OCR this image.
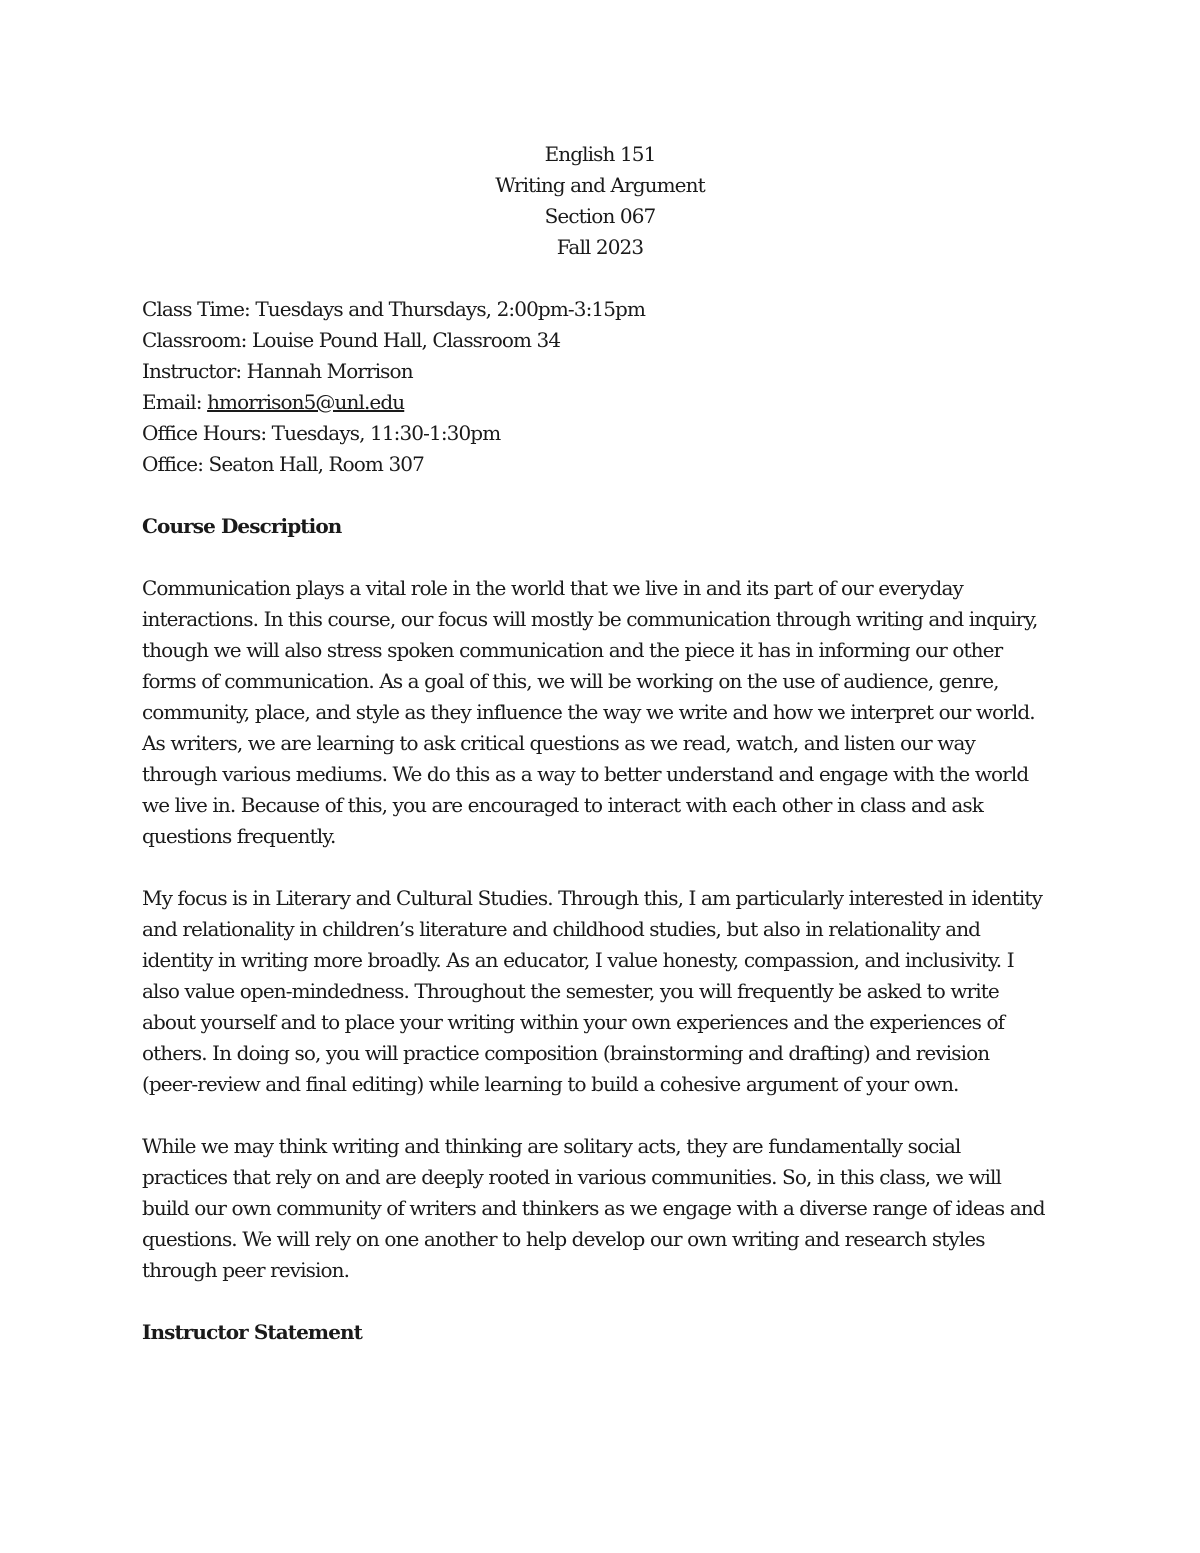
English 151
Writing and Argument
Section 067
Fall 2023
Class Time: Tuesdays and Thursdays, 2:00pm-3:15pm
Classroom: Louise Pound Hall, Classroom 34
Instructor: Hannah Morrison
Email: hmorrison5@unl.edu
Office Hours: Tuesdays, 11:30-1:30pm
Office: Seaton Hall, Room 307
Course Description
Communication plays a vital role in the world that we live in and its part of our everyday
interactions. In this course, our focus will mostly be communication through writing and inquiry,
though we will also stress spoken communication and the piece it has in informing our other
forms of communication. As a goal of this, we will be working on the use of audience, genre,
community, place, and style as they influence the way we write and how we interpret our world.
As writers, we are learning to ask critical questions as we read, watch, and listen our way
through various mediums. We do this as a way to better understand and engage with the world
we live in. Because of this, you are encouraged to interact with each other in class and ask
questions frequently.
My focus is in Literary and Cultural Studies. Through this, I am particularly interested in identity
and relationality in children’s literature and childhood studies, but also in relationality and
identity in writing more broadly. As an educator, I value honesty, compassion, and inclusivity. I
also value open-mindedness. Throughout the semester, you will frequently be asked to write
about yourself and to place your writing within your own experiences and the experiences of
others. In doing so, you will practice composition (brainstorming and drafting) and revision
(peer-review and final editing) while learning to build a cohesive argument of your own.
While we may think writing and thinking are solitary acts, they are fundamentally social
practices that rely on and are deeply rooted in various communities. So, in this class, we will
build our own community of writers and thinkers as we engage with a diverse range of ideas and
questions. We will rely on one another to help develop our own writing and research styles
through peer revision.
Instructor Statement
